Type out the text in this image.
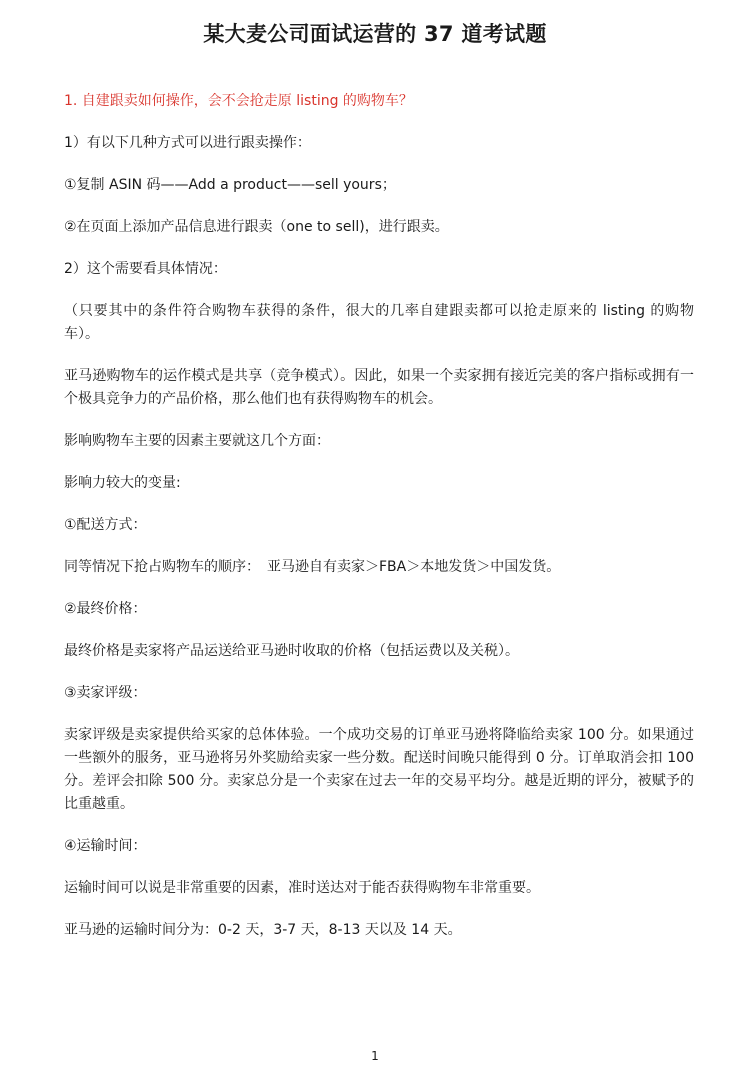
某大麦公司面试运营的 37 道考试题

1. 自建跟卖如何操作，会不会抢走原 listing 的购物车？

1）有以下几种方式可以进行跟卖操作：

①复制 ASIN 码——Add a product——sell yours；

②在页面上添加产品信息进行跟卖（one to sell)，进行跟卖。

2）这个需要看具体情况：

（只要其中的条件符合购物车获得的条件，很大的几率自建跟卖都可以抢走原来的 listing 的购物车）。

亚马逊购物车的运作模式是共享（竞争模式）。因此，如果一个卖家拥有接近完美的客户指标或拥有一个极具竞争力的产品价格，那么他们也有获得购物车的机会。

影响购物车主要的因素主要就这几个方面：

影响力较大的变量:

①配送方式：

同等情况下抢占购物车的顺序：　亚马逊自有卖家＞FBA＞本地发货＞中国发货。

②最终价格：

最终价格是卖家将产品运送给亚马逊时收取的价格（包括运费以及关税）。

③卖家评级：

卖家评级是卖家提供给买家的总体体验。一个成功交易的订单亚马逊将降临给卖家 100 分。如果通过一些额外的服务，亚马逊将另外奖励给卖家一些分数。配送时间晚只能得到 0 分。订单取消会扣 100 分。差评会扣除 500 分。卖家总分是一个卖家在过去一年的交易平均分。越是近期的评分，被赋予的比重越重。

④运输时间：

运输时间可以说是非常重要的因素，准时送达对于能否获得购物车非常重要。

亚马逊的运输时间分为：0-2 天，3-7 天，8-13 天以及 14 天。

1
